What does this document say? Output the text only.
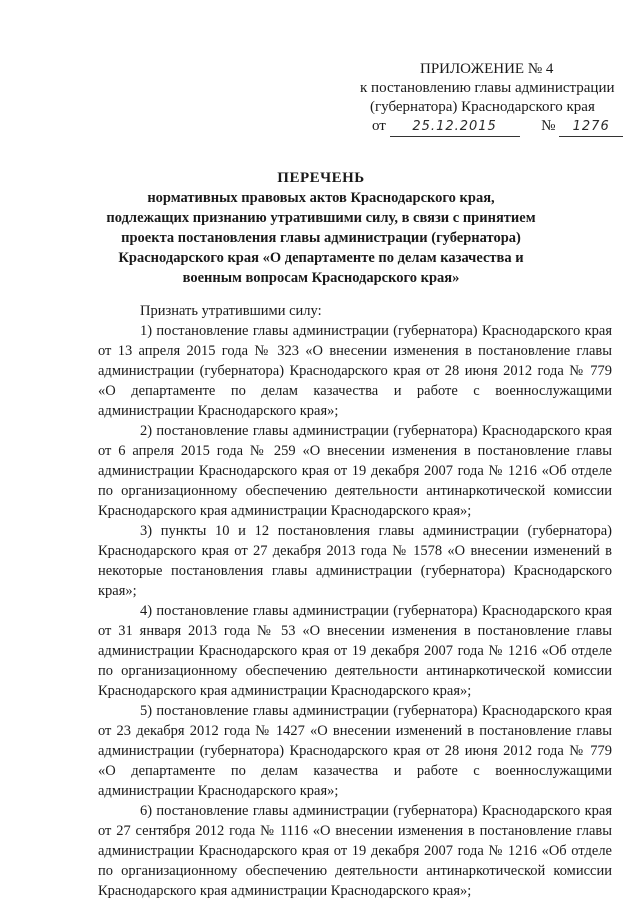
ПРИЛОЖЕНИЕ № 4
к постановлению главы администрации
(губернатора) Краснодарского края
от 25.12.2015	№ 1276

ПЕРЕЧЕНЬ

нормативных правовых актов Краснодарского края,

подлежащих признанию утратившими силу, в связи с принятием

проекта постановления главы администрации (губернатора)

Краснодарского края «О департаменте по делам казачества и

военным вопросам Краснодарского края»

Признать утратившими силу:

1) постановление главы администрации (губернатора) Краснодарского края от 13 апреля 2015 года № 323 «О внесении изменения в постановление главы администрации (губернатора) Краснодарского края от 28 июня 2012 года № 779 «О департаменте по делам казачества и работе с военнослужащими администрации Краснодарского края»;

2) постановление главы администрации (губернатора) Краснодарского края от 6 апреля 2015 года № 259 «О внесении изменения в постановление главы администрации Краснодарского края от 19 декабря 2007 года № 1216 «Об отделе по организационному обеспечению деятельности антинаркотической комиссии Краснодарского края администрации Краснодарского края»;

3) пункты 10 и 12 постановления главы администрации (губернатора) Краснодарского края от 27 декабря 2013 года № 1578 «О внесении изменений в некоторые постановления главы администрации (губернатора) Краснодарского края»;

4) постановление главы администрации (губернатора) Краснодарского края от 31 января 2013 года № 53 «О внесении изменения в постановление главы администрации Краснодарского края от 19 декабря 2007 года № 1216 «Об отделе по организационному обеспечению деятельности антинаркотической комиссии Краснодарского края администрации Краснодарского края»;

5) постановление главы администрации (губернатора) Краснодарского края от 23 декабря 2012 года № 1427 «О внесении изменений в постановление главы администрации (губернатора) Краснодарского края от 28 июня 2012 года № 779 «О департаменте по делам казачества и работе с военнослужащими администрации Краснодарского края»;

6) постановление главы администрации (губернатора) Краснодарского края от 27 сентября 2012 года № 1116 «О внесении изменения в постановление главы администрации Краснодарского края от 19 декабря 2007 года № 1216 «Об отделе по организационному обеспечению деятельности антинаркотической комиссии Краснодарского края администрации Краснодарского края»;
